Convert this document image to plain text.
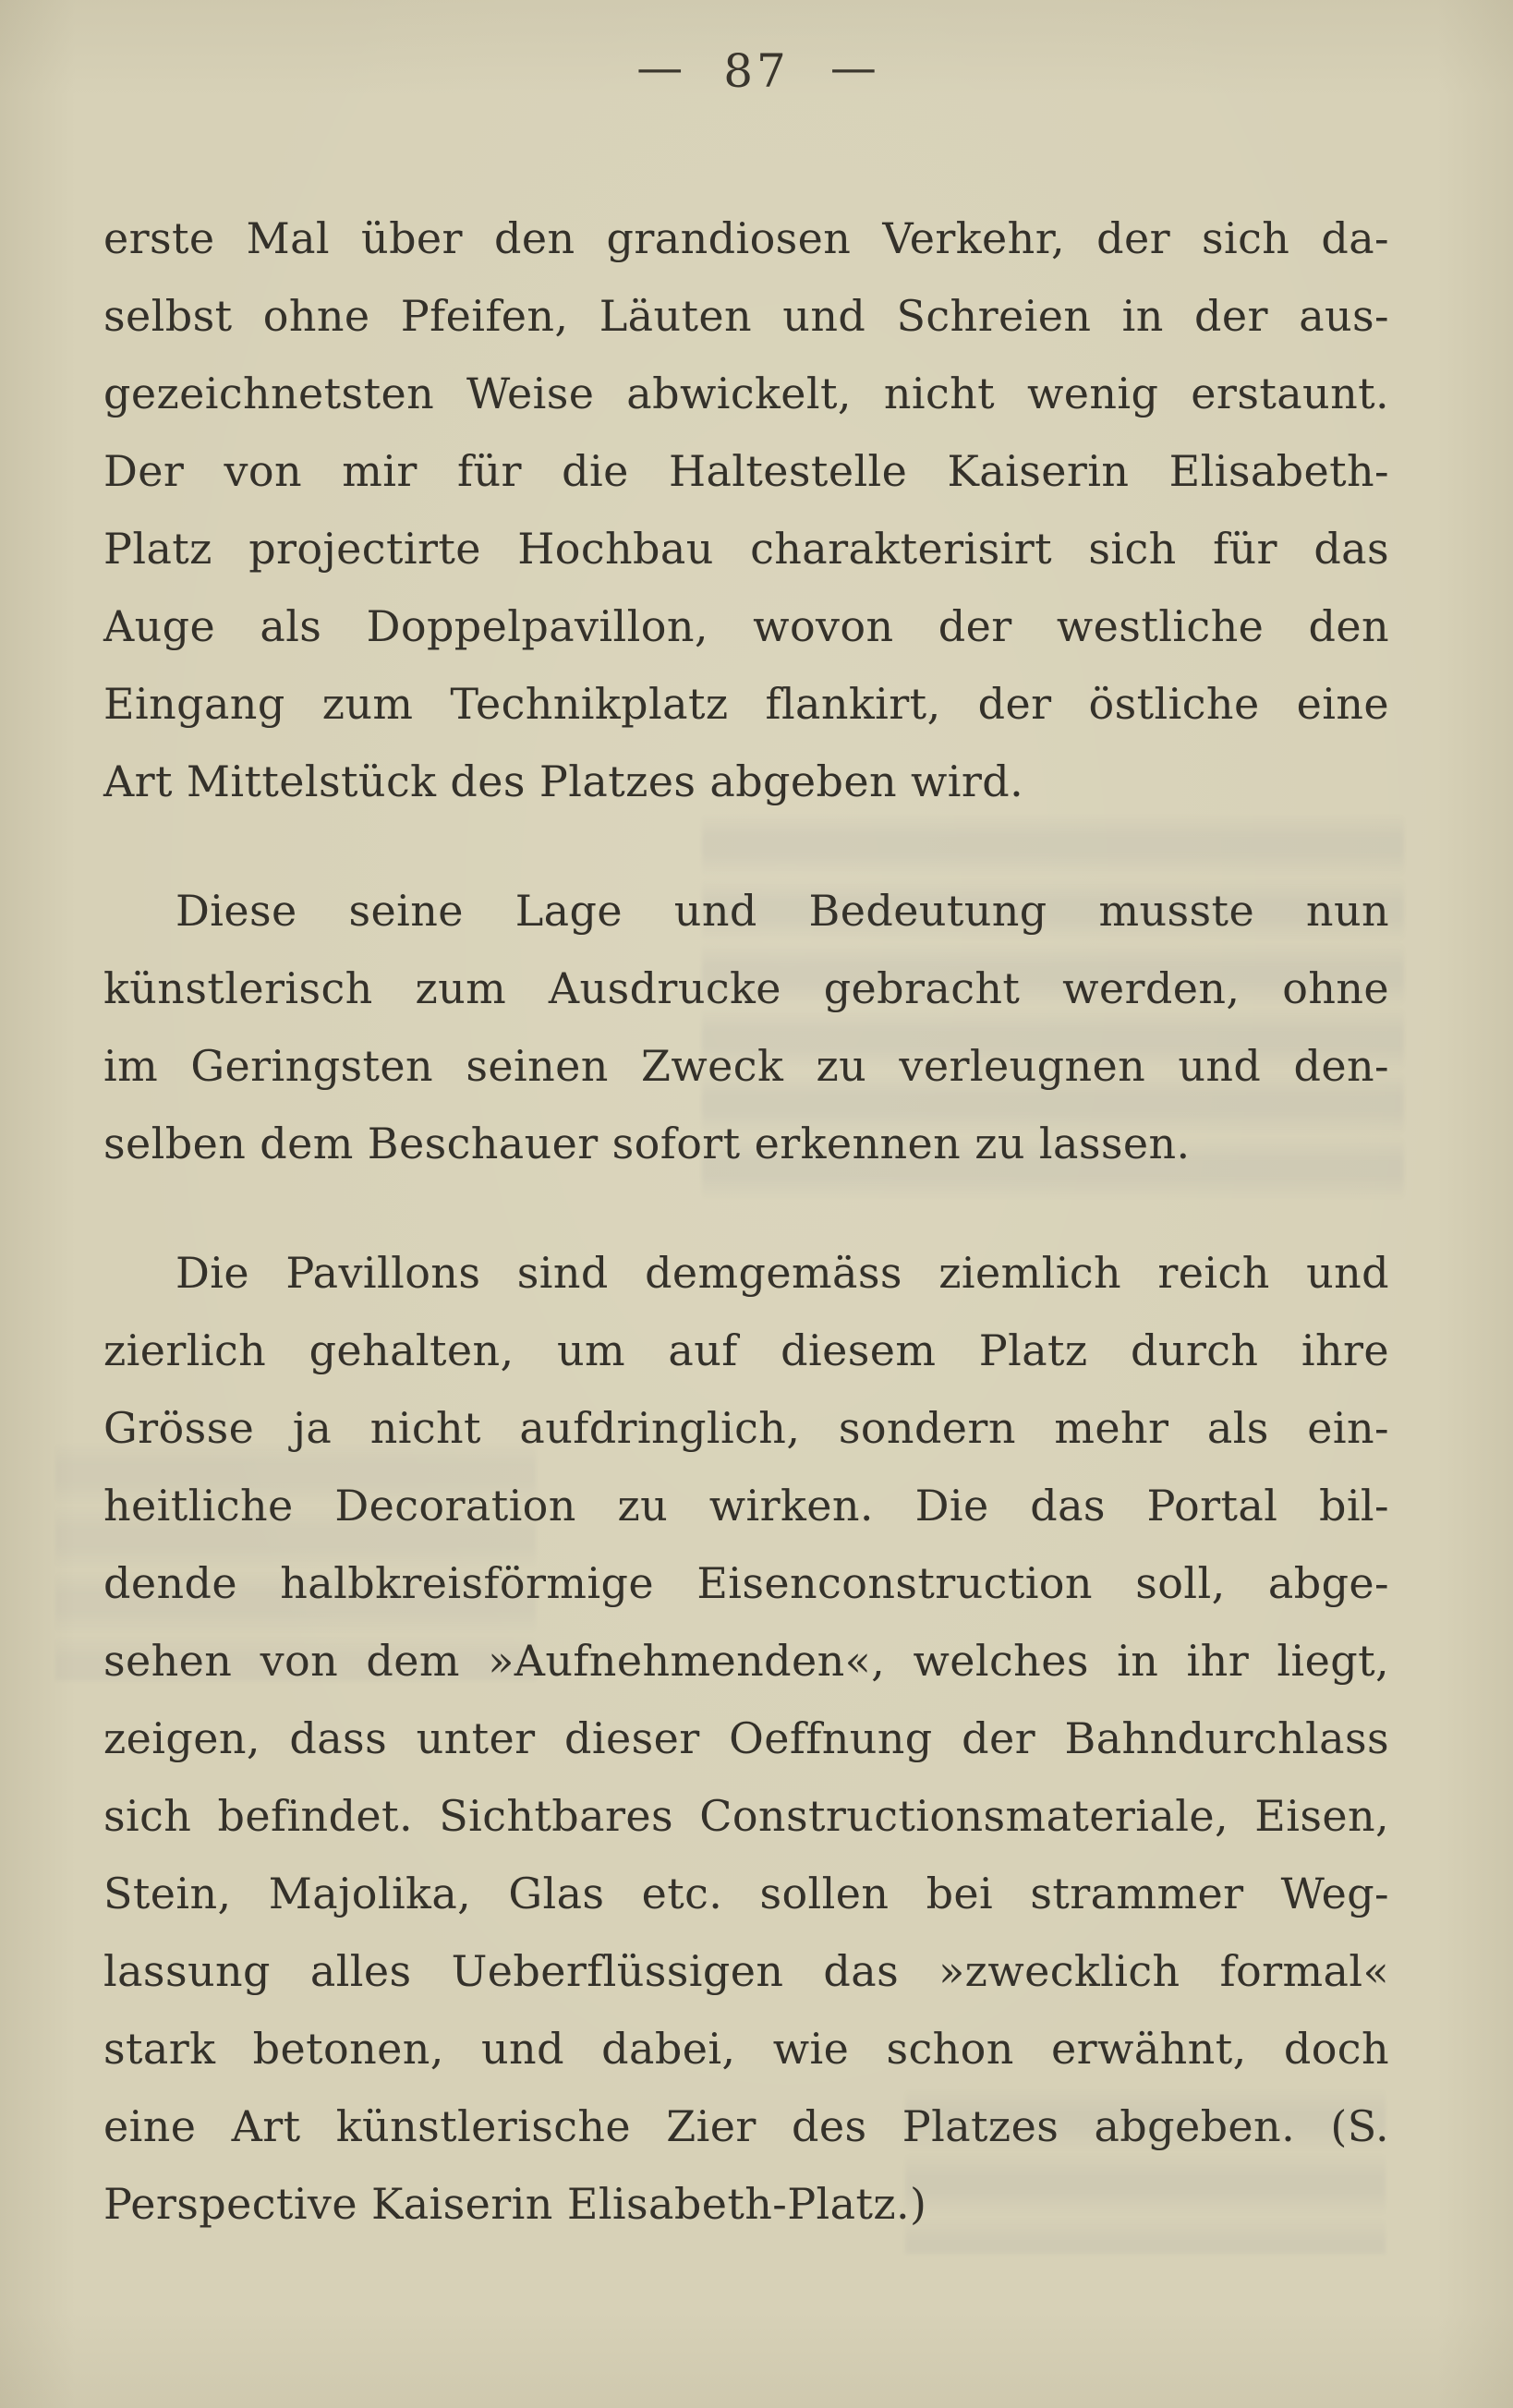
— 87 —
erste Mal über den grandiosen Verkehr, der sich da-
selbst ohne Pfeifen, Läuten und Schreien in der aus-
gezeichnetsten Weise abwickelt, nicht wenig erstaunt.
Der von mir für die Haltestelle Kaiserin Elisabeth-
Platz projectirte Hochbau charakterisirt sich für das
Auge als Doppelpavillon, wovon der westliche den
Eingang zum Technikplatz flankirt, der östliche eine
Art Mittelstück des Platzes abgeben wird.
Diese seine Lage und Bedeutung musste nun
künstlerisch zum Ausdrucke gebracht werden, ohne
im Geringsten seinen Zweck zu verleugnen und den-
selben dem Beschauer sofort erkennen zu lassen.
Die Pavillons sind demgemäss ziemlich reich und
zierlich gehalten, um auf diesem Platz durch ihre
Grösse ja nicht aufdringlich, sondern mehr als ein-
heitliche Decoration zu wirken. Die das Portal bil-
dende halbkreisförmige Eisenconstruction soll, abge-
sehen von dem »Aufnehmenden«, welches in ihr liegt,
zeigen, dass unter dieser Oeffnung der Bahndurchlass
sich befindet. Sichtbares Constructionsmateriale, Eisen,
Stein, Majolika, Glas etc. sollen bei strammer Weg-
lassung alles Ueberflüssigen das »zwecklich formal«
stark betonen, und dabei, wie schon erwähnt, doch
eine Art künstlerische Zier des Platzes abgeben. (S.
Perspective Kaiserin Elisabeth-Platz.)
